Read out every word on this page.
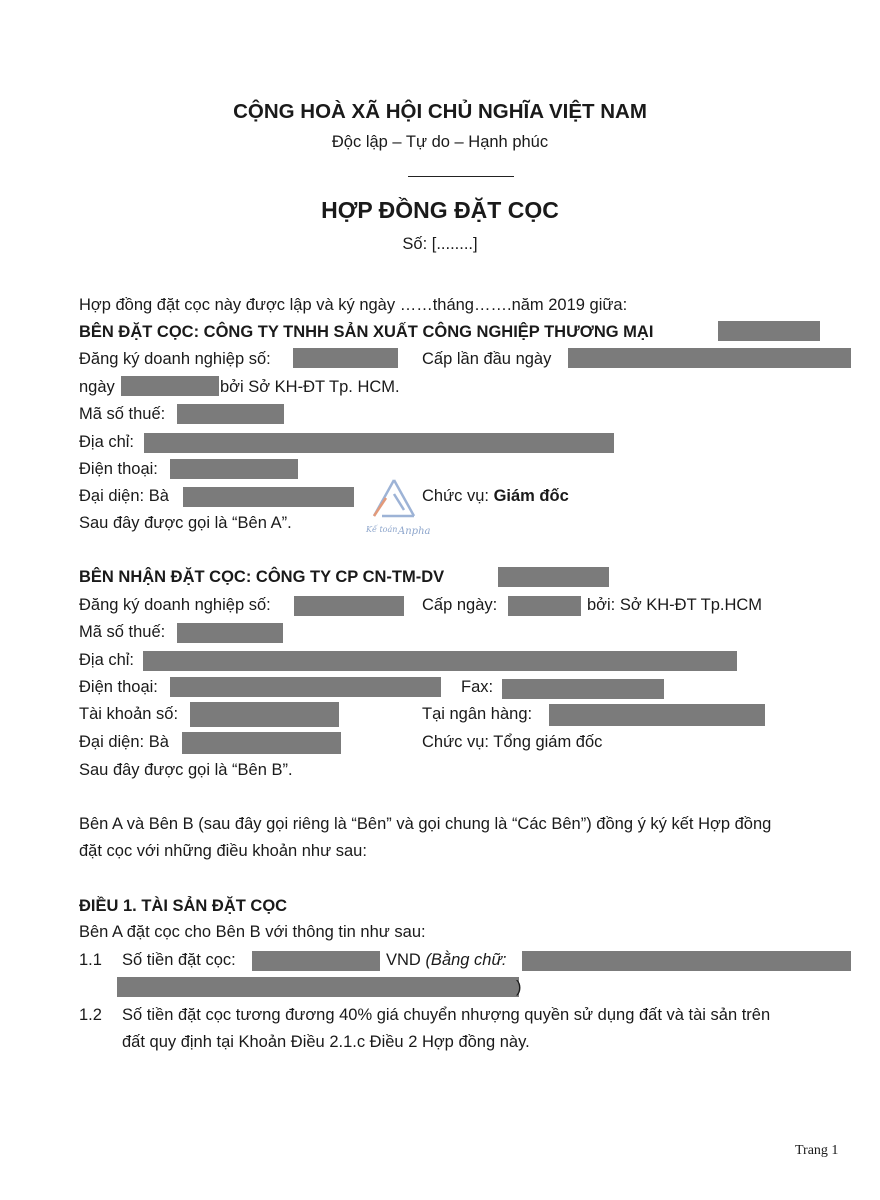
CỘNG HOÀ XÃ HỘI CHỦ NGHĨA VIỆT NAM
Độc lập – Tự do – Hạnh phúc
HỢP ĐỒNG ĐẶT CỌC
Số: [........]
Hợp đồng đặt cọc này được lập và ký ngày ……tháng…….năm 2019 giữa:
BÊN ĐẶT CỌC: CÔNG TY TNHH SẢN XUẤT CÔNG NGHIỆP THƯƠNG MẠI
Đăng ký doanh nghiệp số:	Cấp lần đầu ngày
ngày	bởi Sở KH-ĐT Tp. HCM.
Mã số thuế:
Địa chỉ:
Điện thoại:
Đại diện: Bà	Chức vụ: Giám đốc
Sau đây được gọi là “Bên A”.	Kế toán Anpha
BÊN NHẬN ĐẶT CỌC: CÔNG TY CP CN-TM-DV
Đăng ký doanh nghiệp số:	Cấp ngày:	bởi: Sở KH-ĐT Tp.HCM
Mã số thuế:
Địa chỉ:
Điện thoại:	Fax:
Tài khoản số:	Tại ngân hàng:
Đại diện: Bà	Chức vụ: Tổng giám đốc
Sau đây được gọi là “Bên B”.
Bên A và Bên B (sau đây gọi riêng là “Bên” và gọi chung là “Các Bên”) đồng ý ký kết Hợp đồng
đặt cọc với những điều khoản như sau:
ĐIỀU 1. TÀI SẢN ĐẶT CỌC
Bên A đặt cọc cho Bên B với thông tin như sau:
1.1 Số tiền đặt cọc:	VND (Bằng chữ:
)
1.2 Số tiền đặt cọc tương đương 40% giá chuyển nhượng quyền sử dụng đất và tài sản trên
đất quy định tại Khoản Điều 2.1.c Điều 2 Hợp đồng này.
Trang 1
